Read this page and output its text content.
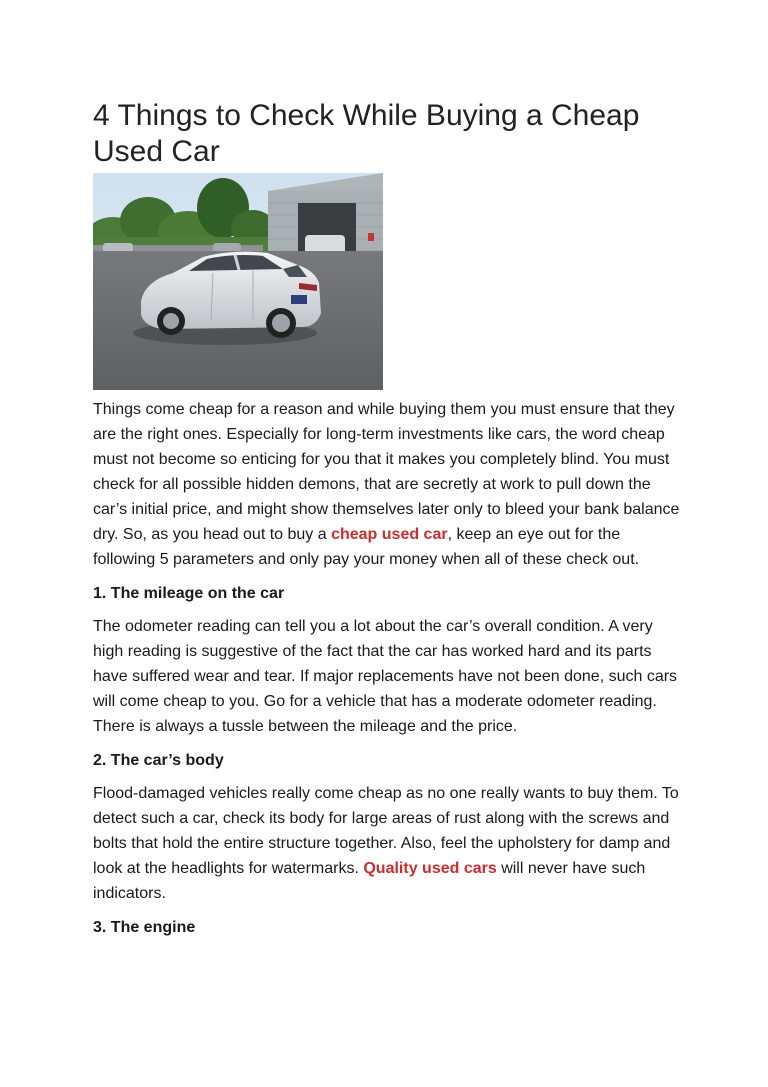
4 Things to Check While Buying a Cheap Used Car

Things come cheap for a reason and while buying them you must ensure that they are the right ones. Especially for long-term investments like cars, the word cheap must not become so enticing for you that it makes you completely blind. You must check for all possible hidden demons, that are secretly at work to pull down the car’s initial price, and might show themselves later only to bleed your bank balance dry. So, as you head out to buy a cheap used car, keep an eye out for the following 5 parameters and only pay your money when all of these check out.

1. The mileage on the car

The odometer reading can tell you a lot about the car’s overall condition. A very high reading is suggestive of the fact that the car has worked hard and its parts have suffered wear and tear. If major replacements have not been done, such cars will come cheap to you. Go for a vehicle that has a moderate odometer reading. There is always a tussle between the mileage and the price.

2. The car’s body

Flood-damaged vehicles really come cheap as no one really wants to buy them. To detect such a car, check its body for large areas of rust along with the screws and bolts that hold the entire structure together. Also, feel the upholstery for damp and look at the headlights for watermarks. Quality used cars will never have such indicators.

3. The engine
